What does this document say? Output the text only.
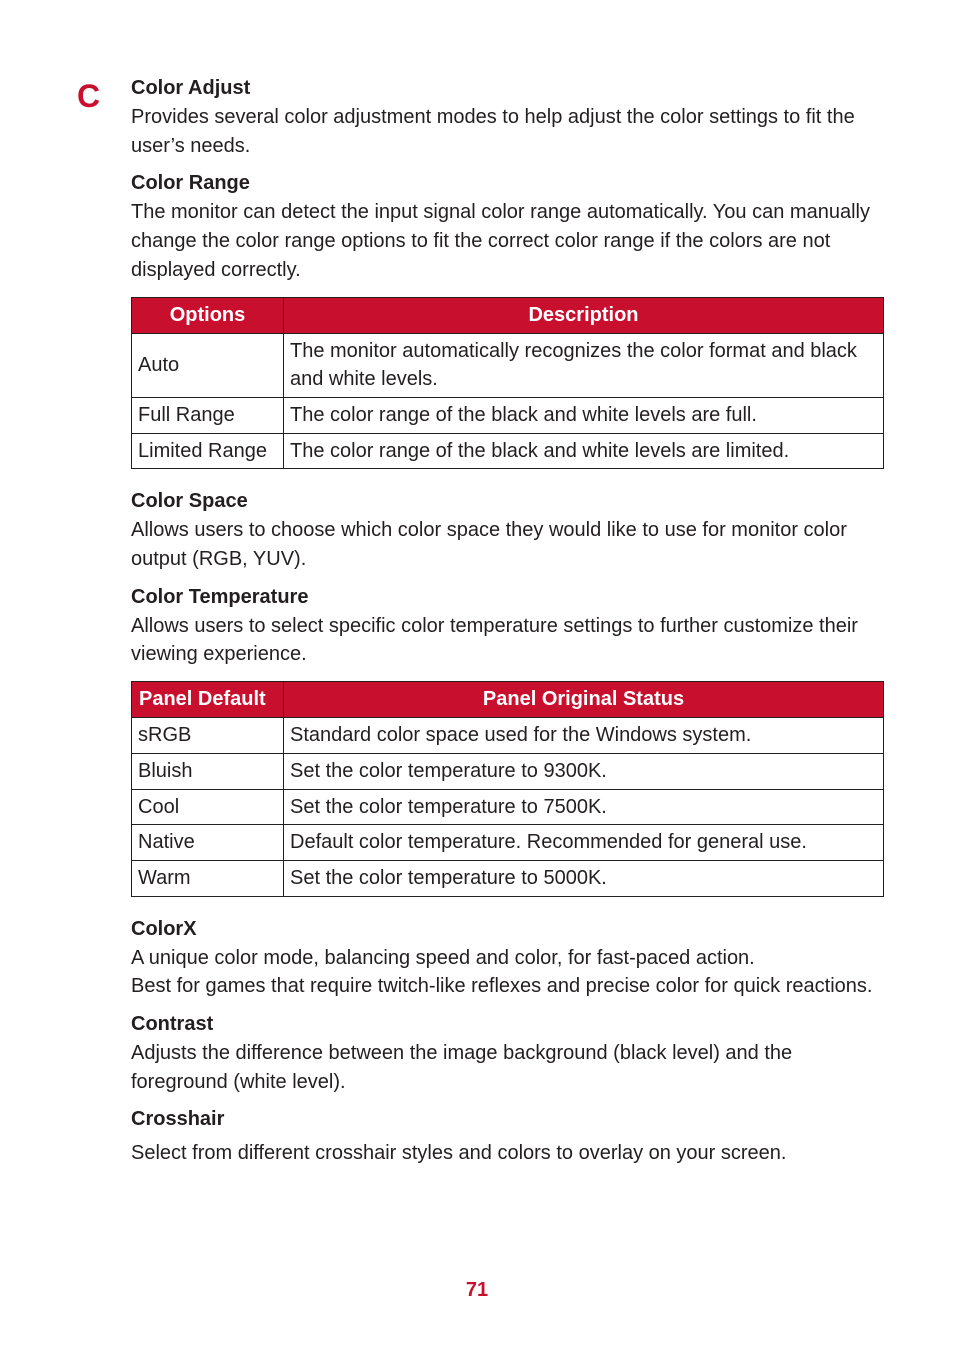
C Color Adjust

Provides several color adjustment modes to help adjust the color settings to fit the user’s needs.

Color Range

The monitor can detect the input signal color range automatically. You can manually change the color range options to fit the correct color range if the colors are not displayed correctly.

Options	Description
Auto	The monitor automatically recognizes the color format and black and white levels.
Full Range	The color range of the black and white levels are full.
Limited Range	The color range of the black and white levels are limited.

Color Space

Allows users to choose which color space they would like to use for monitor color output (RGB, YUV).

Color Temperature

Allows users to select specific color temperature settings to further customize their viewing experience.

Panel Default	Panel Original Status
sRGB	Standard color space used for the Windows system.
Bluish	Set the color temperature to 9300K.
Cool	Set the color temperature to 7500K.
Native	Default color temperature. Recommended for general use.
Warm	Set the color temperature to 5000K.

ColorX

A unique color mode, balancing speed and color, for fast-paced action.

Best for games that require twitch-like reflexes and precise color for quick reactions.

Contrast

Adjusts the difference between the image background (black level) and the foreground (white level).

Crosshair

Select from different crosshair styles and colors to overlay on your screen.

71
